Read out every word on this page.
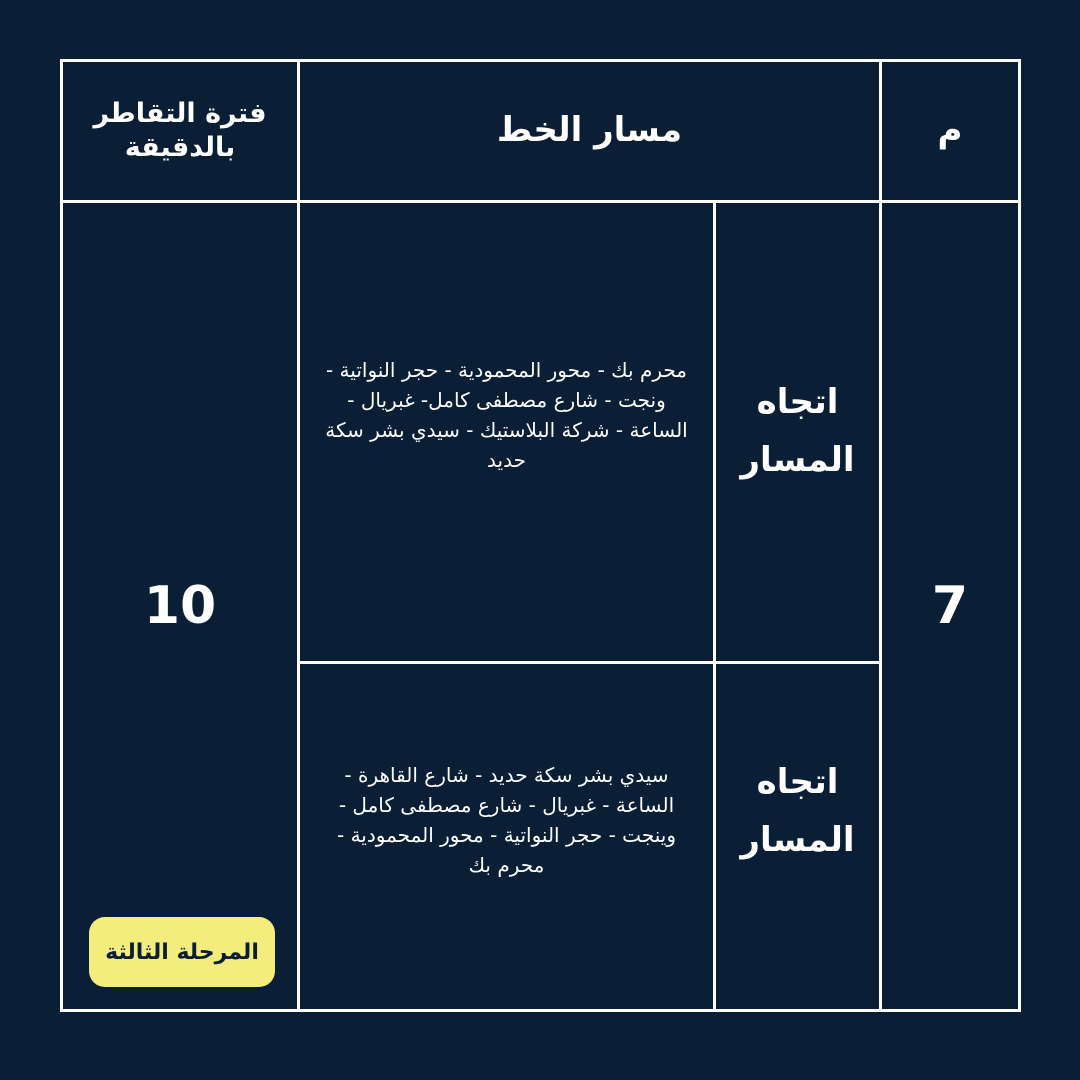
م
مسار الخط
فترة التقاطر
بالدقيقة
7
10
اتجاه
المسار
محرم بك - محور المحمودية - حجر النواتية - ونجت - شارع مصطفى كامل- غبريال - الساعة - شركة البلاستيك - سيدي بشر سكة حديد
اتجاه
المسار
سيدي بشر سكة حديد - شارع القاهرة - الساعة - غبريال - شارع مصطفى كامل - وينجت - حجر النواتية - محور المحمودية - محرم بك
المرحلة الثالثة
